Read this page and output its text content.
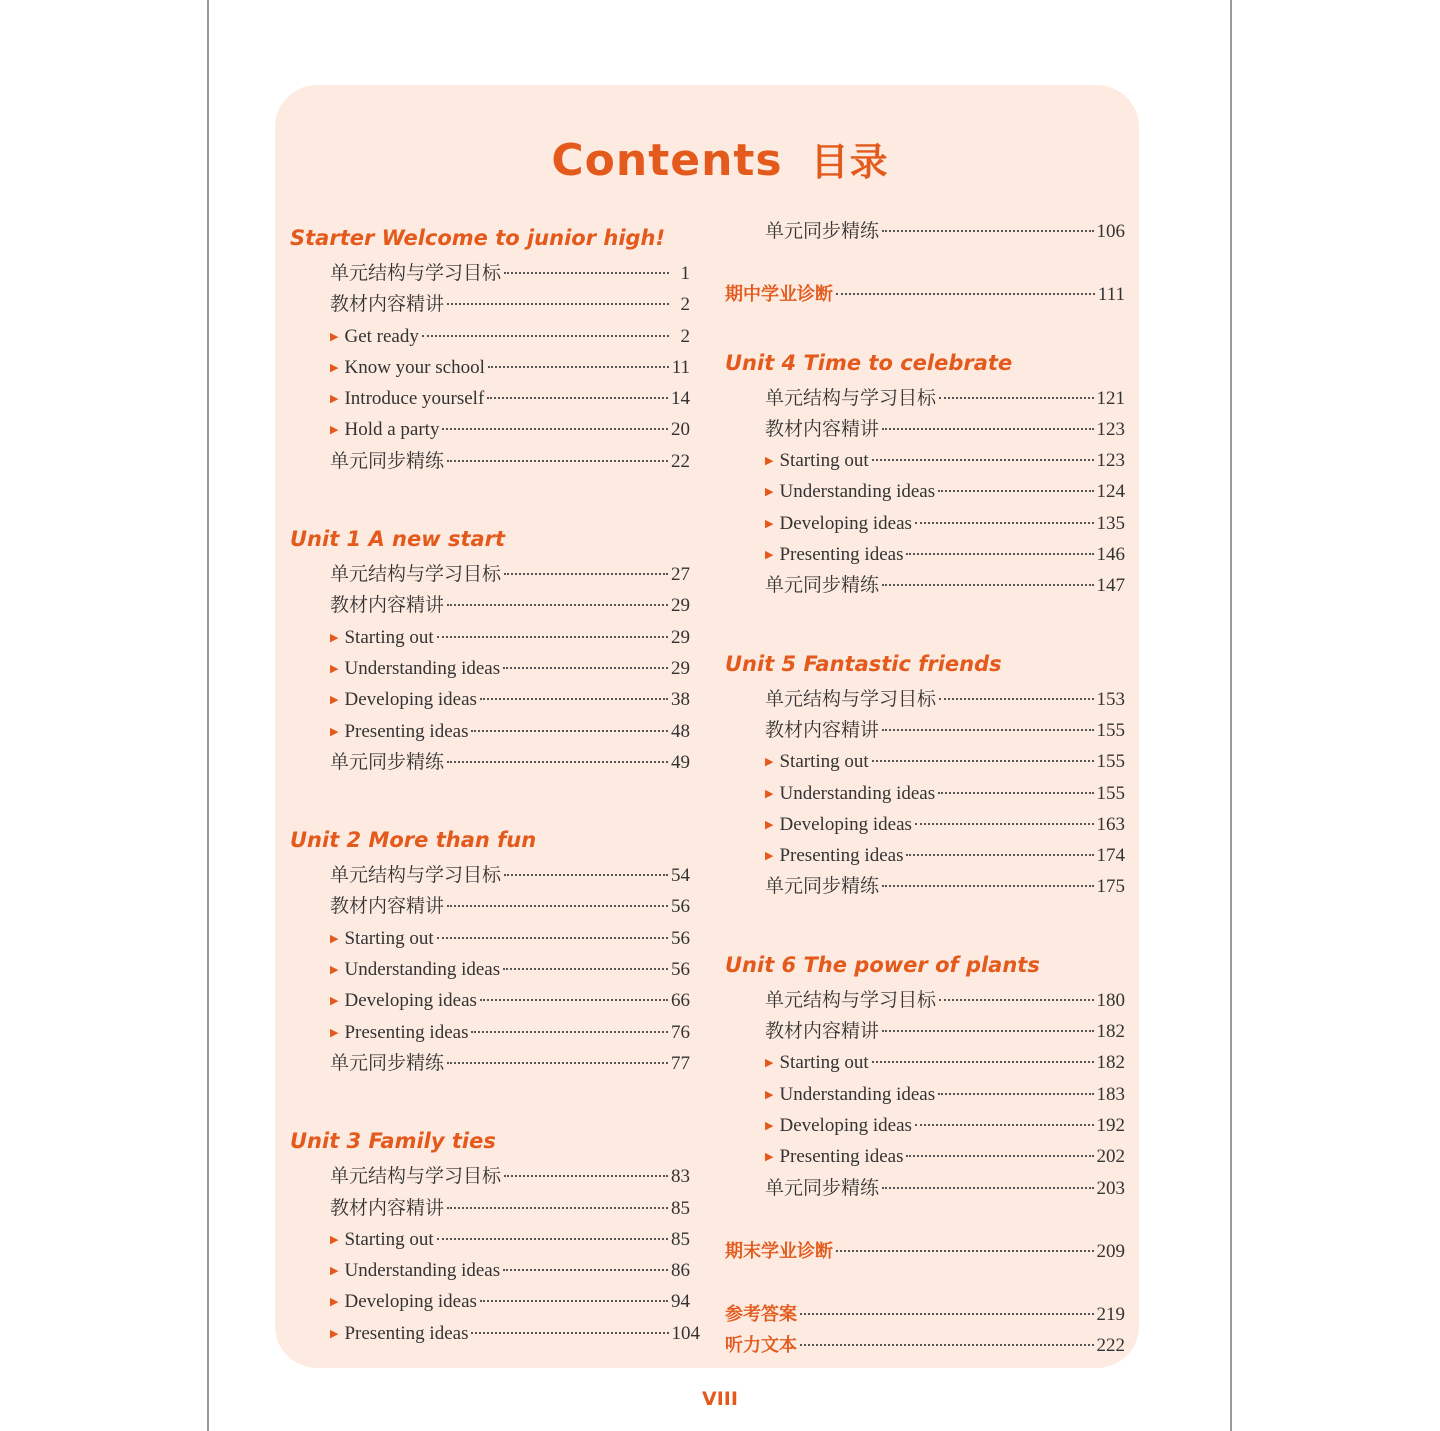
Contents 目录
Starter Welcome to junior high!
单元结构与学习目标	1
教材内容精讲	2
▶ Get ready	2
▶ Know your school	11
▶ Introduce yourself	14
▶ Hold a party	20
单元同步精练	22
Unit 1 A new start
单元结构与学习目标	27
教材内容精讲	29
▶ Starting out	29
▶ Understanding ideas	29
▶ Developing ideas	38
▶ Presenting ideas	48
单元同步精练	49
Unit 2 More than fun
单元结构与学习目标	54
教材内容精讲	56
▶ Starting out	56
▶ Understanding ideas	56
▶ Developing ideas	66
▶ Presenting ideas	76
单元同步精练	77
Unit 3 Family ties
单元结构与学习目标	83
教材内容精讲	85
▶ Starting out	85
▶ Understanding ideas	86
▶ Developing ideas	94
▶ Presenting ideas	104
单元同步精练	106
期中学业诊断	111
Unit 4 Time to celebrate
单元结构与学习目标	121
教材内容精讲	123
▶ Starting out	123
▶ Understanding ideas	124
▶ Developing ideas	135
▶ Presenting ideas	146
单元同步精练	147
Unit 5 Fantastic friends
单元结构与学习目标	153
教材内容精讲	155
▶ Starting out	155
▶ Understanding ideas	155
▶ Developing ideas	163
▶ Presenting ideas	174
单元同步精练	175
Unit 6 The power of plants
单元结构与学习目标	180
教材内容精讲	182
▶ Starting out	182
▶ Understanding ideas	183
▶ Developing ideas	192
▶ Presenting ideas	202
单元同步精练	203
期末学业诊断	209
参考答案	219
听力文本	222
VIII
